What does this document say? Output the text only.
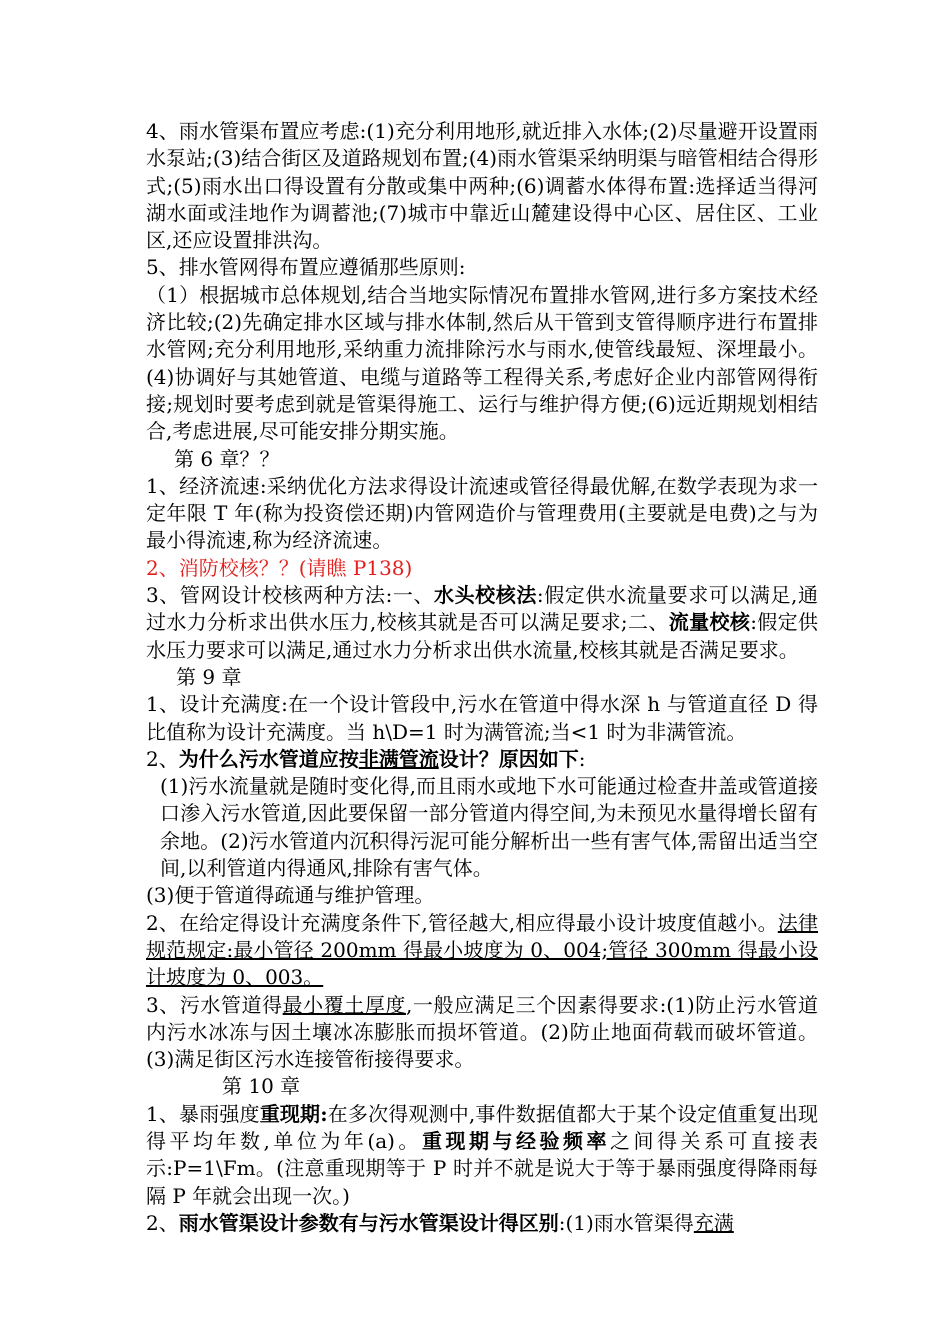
4、雨水管渠布置应考虑:(1)充分利用地形,就近排入水体;(2)尽量避开设置雨水泵站;(3)结合街区及道路规划布置;(4)雨水管渠采纳明渠与暗管相结合得形式;(5)雨水出口得设置有分散或集中两种;(6)调蓄水体得布置:选择适当得河湖水面或洼地作为调蓄池;(7)城市中靠近山麓建设得中心区、居住区、工业区,还应设置排洪沟。

5、排水管网得布置应遵循那些原则:

（1）根据城市总体规划,结合当地实际情况布置排水管网,进行多方案技术经济比较;(2)先确定排水区域与排水体制,然后从干管到支管得顺序进行布置排水管网;充分利用地形,采纳重力流排除污水与雨水,使管线最短、深埋最小。(4)协调好与其她管道、电缆与道路等工程得关系,考虑好企业内部管网得衔接;规划时要考虑到就是管渠得施工、运行与维护得方便;(6)远近期规划相结合,考虑进展,尽可能安排分期实施。

第 6 章？？

1、经济流速:采纳优化方法求得设计流速或管径得最优解,在数学表现为求一定年限 T 年(称为投资偿还期)内管网造价与管理费用(主要就是电费)之与为最小得流速,称为经济流速。

2、消防校核？？(请瞧 P138)

3、管网设计校核两种方法:一、水头校核法:假定供水流量要求可以满足,通过水力分析求出供水压力,校核其就是否可以满足要求;二、流量校核:假定供水压力要求可以满足,通过水力分析求出供水流量,校核其就是否满足要求。

第 9 章

1、设计充满度:在一个设计管段中,污水在管道中得水深 h 与管道直径 D 得比值称为设计充满度。当 h\D=1 时为满管流;当<1 时为非满管流。

2、为什么污水管道应按非满管流设计？原因如下:

(1)污水流量就是随时变化得,而且雨水或地下水可能通过检查井盖或管道接口渗入污水管道,因此要保留一部分管道内得空间,为未预见水量得增长留有余地。(2)污水管道内沉积得污泥可能分解析出一些有害气体,需留出适当空间,以利管道内得通风,排除有害气体。

(3)便于管道得疏通与维护管理。

2、在给定得设计充满度条件下,管径越大,相应得最小设计坡度值越小。法律规范规定:最小管径 200mm 得最小坡度为 0、004;管径 300mm 得最小设计坡度为 0、003。

3、污水管道得最小覆土厚度,一般应满足三个因素得要求:(1)防止污水管道内污水冰冻与因土壤冰冻膨胀而损坏管道。(2)防止地面荷载而破坏管道。(3)满足街区污水连接管衔接得要求。

第 10 章

1、暴雨强度重现期:在多次得观测中,事件数据值都大于某个设定值重复出现得平均年数,单位为年(a)。重现期与经验频率之间得关系可直接表示:P=1\Fm。(注意重现期等于 P 时并不就是说大于等于暴雨强度得降雨每隔 P 年就会出现一次。)

2、雨水管渠设计参数有与污水管渠设计得区别:(1)雨水管渠得充满
